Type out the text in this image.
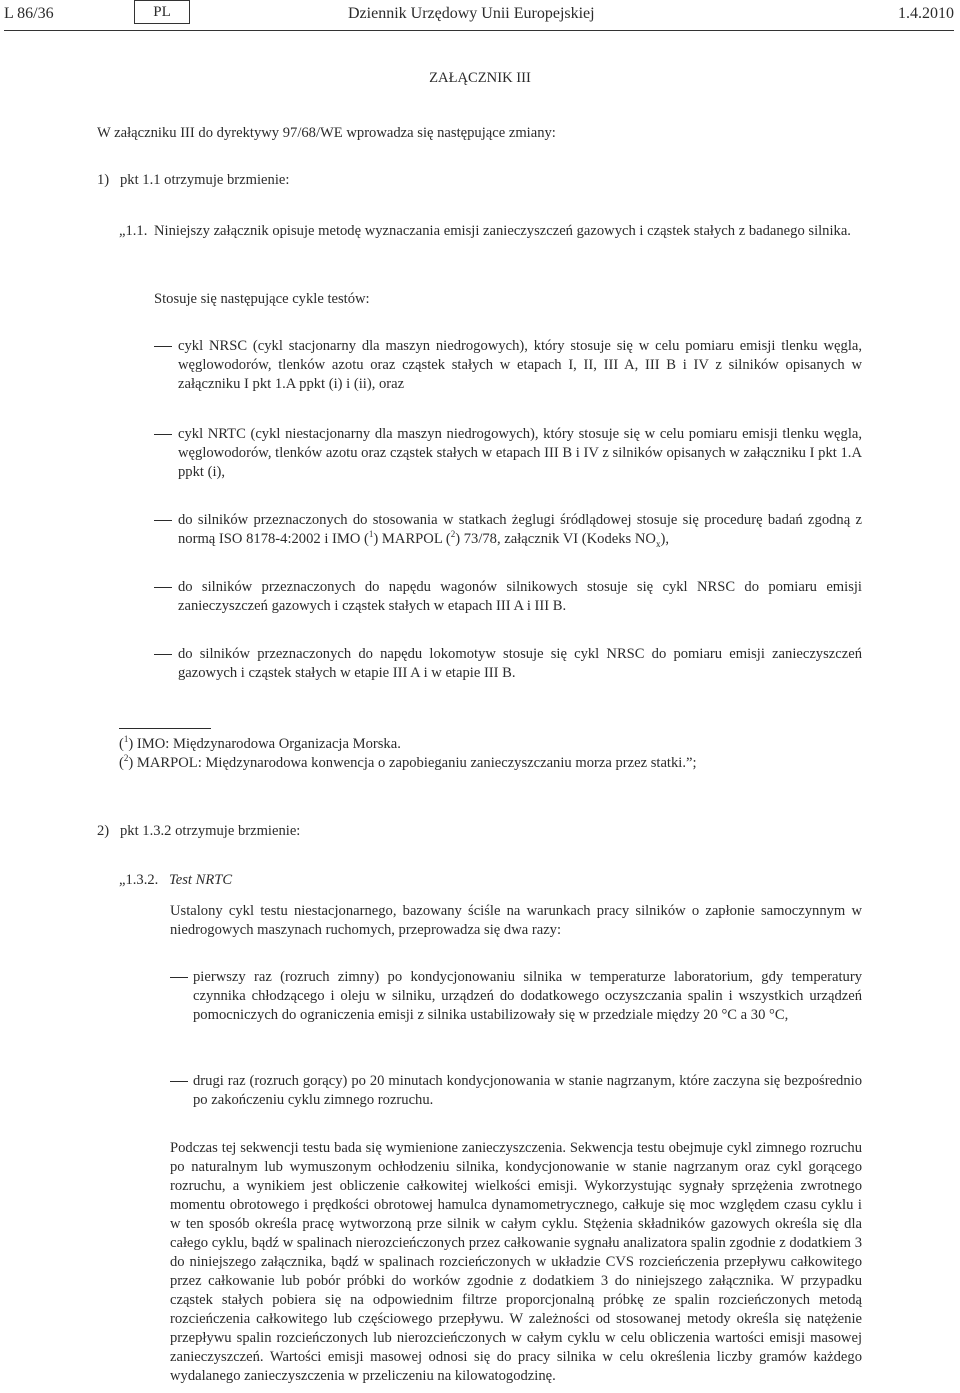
L 86/36	PL	Dziennik Urzędowy Unii Europejskiej	1.4.2010
ZAŁĄCZNIK III
W załączniku III do dyrektywy 97/68/WE wprowadza się następujące zmiany:
1) pkt 1.1 otrzymuje brzmienie:
„1.1. Niniejszy załącznik opisuje metodę wyznaczania emisji zanieczyszczeń gazowych i cząstek stałych z badanego silnika.
Stosuje się następujące cykle testów:
cykl NRSC (cykl stacjonarny dla maszyn niedrogowych), który stosuje się w celu pomiaru emisji tlenku węgla, węglowodorów, tlenków azotu oraz cząstek stałych w etapach I, II, III A, III B i IV z silników opisanych w załączniku I pkt 1.A ppkt (i) i (ii), oraz
cykl NRTC (cykl niestacjonarny dla maszyn niedrogowych), który stosuje się w celu pomiaru emisji tlenku węgla, węglowodorów, tlenków azotu oraz cząstek stałych w etapach III B i IV z silników opisanych w załączniku I pkt 1.A ppkt (i),
do silników przeznaczonych do stosowania w statkach żeglugi śródlądowej stosuje się procedurę badań zgodną z normą ISO 8178-4:2002 i IMO ($^1$) MARPOL ($^2$) 73/78, załącznik VI (Kodeks $NO_x$),
do silników przeznaczonych do napędu wagonów silnikowych stosuje się cykl NRSC do pomiaru emisji zanieczyszczeń gazowych i cząstek stałych w etapach III A i III B.
do silników przeznaczonych do napędu lokomotyw stosuje się cykl NRSC do pomiaru emisji zanieczyszczeń gazowych i cząstek stałych w etapie III A i w etapie III B.
($^1$) IMO: Międzynarodowa Organizacja Morska.
($^2$) MARPOL: Międzynarodowa konwencja o zapobieganiu zanieczyszczaniu morza przez statki.”;
2) pkt 1.3.2 otrzymuje brzmienie:
„1.3.2. Test NRTC
Ustalony cykl testu niestacjonarnego, bazowany ściśle na warunkach pracy silników o zapłonie samoczynnym w niedrogowych maszynach ruchomych, przeprowadza się dwa razy:
pierwszy raz (rozruch zimny) po kondycjonowaniu silnika w temperaturze laboratorium, gdy temperatury czynnika chłodzącego i oleju w silniku, urządzeń do dodatkowego oczyszczania spalin i wszystkich urządzeń pomocniczych do ograniczenia emisji z silnika ustabilizowały się w przedziale między 20 °C a 30 °C,
drugi raz (rozruch gorący) po 20 minutach kondycjonowania w stanie nagrzanym, które zaczyna się bezpośrednio po zakończeniu cyklu zimnego rozruchu.
Podczas tej sekwencji testu bada się wymienione zanieczyszczenia. Sekwencja testu obejmuje cykl zimnego rozruchu po naturalnym lub wymuszonym ochłodzeniu silnika, kondycjonowanie w stanie nagrzanym oraz cykl gorącego rozruchu, a wynikiem jest obliczenie całkowitej wielkości emisji. Wykorzystując sygnały sprzężenia zwrotnego momentu obrotowego i prędkości obrotowej hamulca dynamometrycznego, całkuje się moc względem czasu cyklu i w ten sposób określa pracę wytworzoną prze silnik w całym cyklu. Stężenia składników gazowych określa się dla całego cyklu, bądź w spalinach nierozcieńczonych przez całkowanie sygnału analizatora spalin zgodnie z dodatkiem 3 do niniejszego załącznika, bądź w spalinach rozcieńczonych w układzie CVS rozcieńczenia przepływu całkowitego przez całkowanie lub pobór próbki do worków zgodnie z dodatkiem 3 do niniejszego załącznika. W przypadku cząstek stałych pobiera się na odpowiednim filtrze proporcjonalną próbkę ze spalin rozcieńczonych metodą rozcieńczenia całkowitego lub częściowego przepływu. W zależności od stosowanej metody określa się natężenie przepływu spalin rozcieńczonych lub nierozcieńczonych w całym cyklu w celu obliczenia wartości emisji masowej zanieczyszczeń. Wartości emisji masowej odnosi się do pracy silnika w celu określenia liczby gramów każdego wydalanego zanieczyszczenia w przeliczeniu na kilowatogodzinę.
